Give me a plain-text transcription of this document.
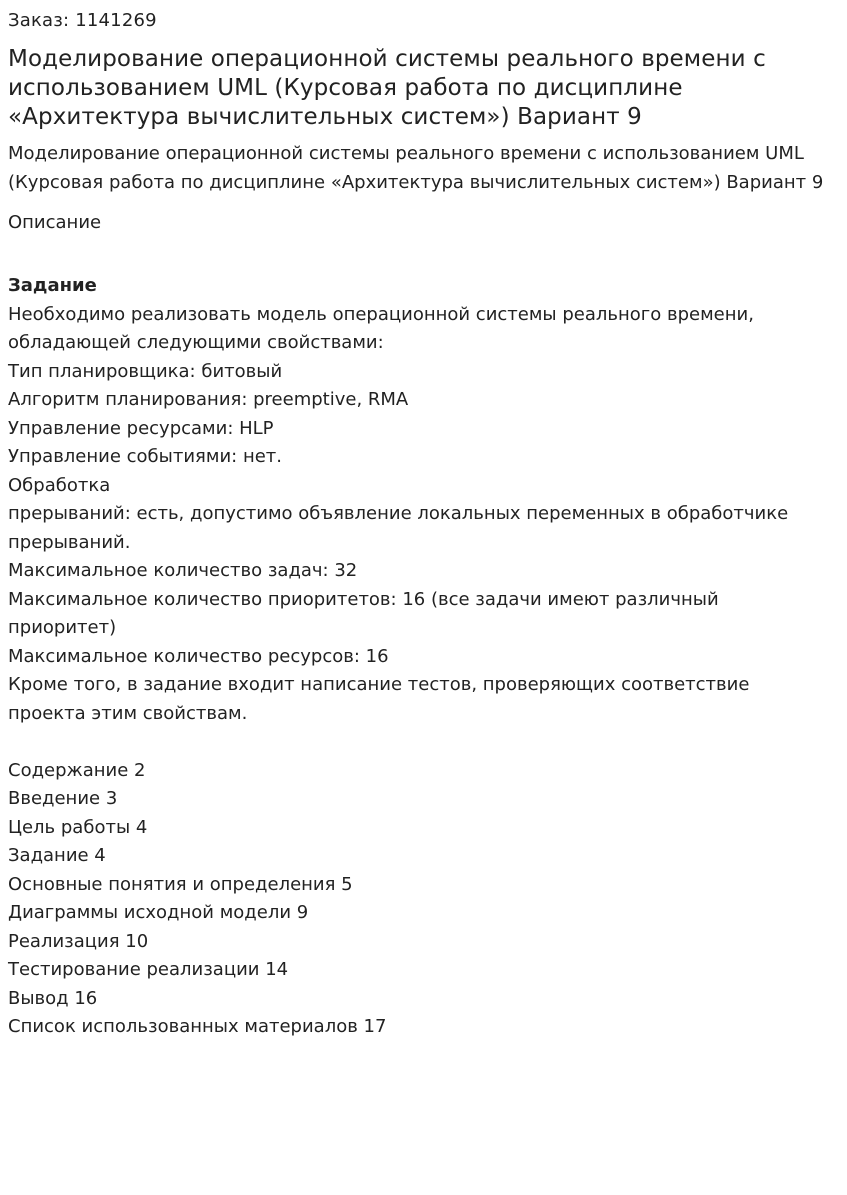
Заказ: 1141269

Моделирование операционной системы реального времени с использованием UML (Курсовая работа по дисциплине «Архитектура вычислительных систем») Вариант 9

Моделирование операционной системы реального времени с использованием UML (Курсовая работа по дисциплине «Архитектура вычислительных систем») Вариант 9

Описание

Задание
Необходимо реализовать модель операционной системы реального времени,
обладающей следующими свойствами:
Тип планировщика: битовый
Алгоритм планирования: preemptive, RMA
Управление ресурсами: HLP
Управление событиями: нет.
Обработка
прерываний: есть, допустимо объявление локальных переменных в обработчике
прерываний.
Максимальное количество задач: 32
Максимальное количество приоритетов: 16 (все задачи имеют различный
приоритет)
Максимальное количество ресурсов: 16
Кроме того, в задание входит написание тестов, проверяющих соответствие
проекта этим свойствам.
Содержание 2
Введение 3
Цель работы 4
Задание 4
Основные понятия и определения 5
Диаграммы исходной модели 9
Реализация 10
Тестирование реализации 14
Вывод 16
Список использованных материалов 17
